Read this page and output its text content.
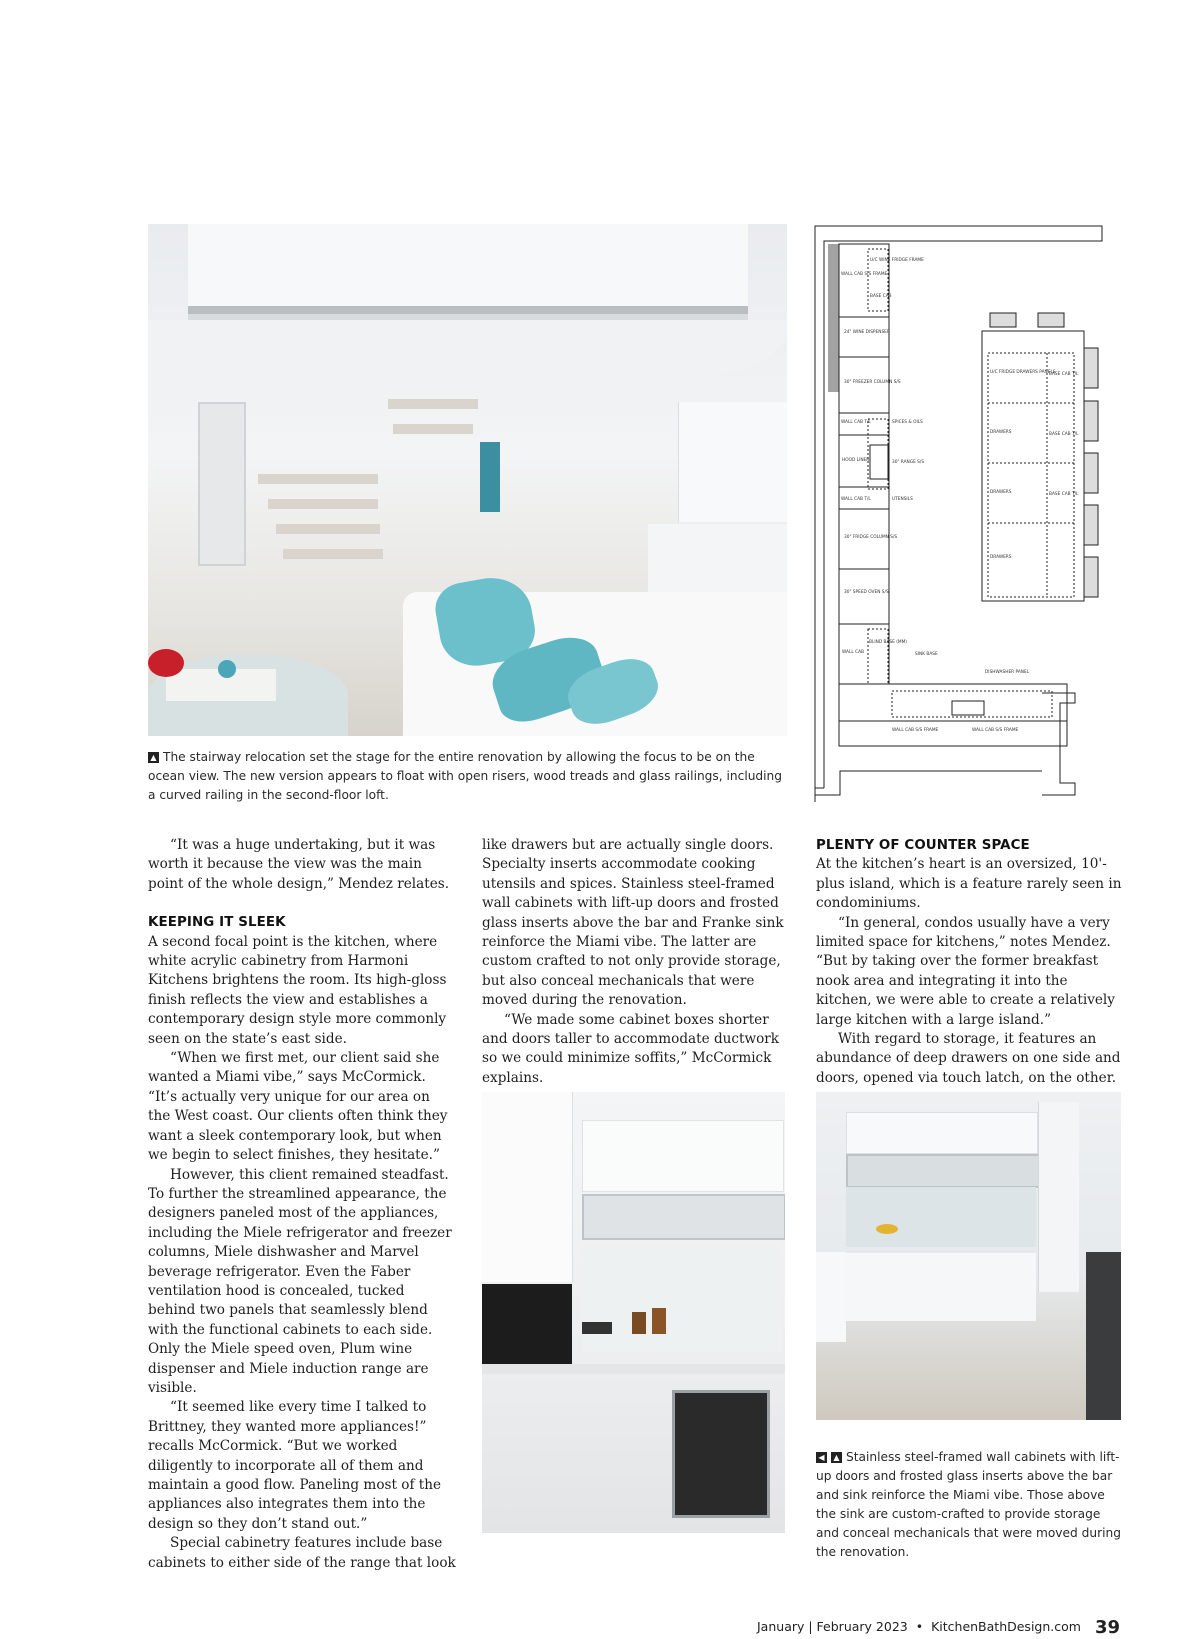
▲ The stairway relocation set the stage for the entire renovation by allowing the focus to be on the ocean view. The new version appears to float with open risers, wood treads and glass railings, including a curved railing in the second-floor loft.
U/C WINE FRIDGE FRAME
WALL CAB S/S FRAME
BASE CAB
24" WINE DISPENSER
30" FREEZER COLUMN S/S
WALL CAB T/L	SPICES & OILS
HOOD LINER	30" RANGE S/S
WALL CAB T/L	UTENSILS
30" FRIDGE COLUMN S/S
30" SPEED OVEN S/S
WALL CAB
BLIND BASE (MM)
SINK BASE
DISHWASHER PANEL
WALL CAB S/S FRAME	WALL CAB S/S FRAME
U/C FRIDGE DRAWERS PANELS
BASE CAB T/L
DRAWERS	BASE CAB T/L
DRAWERS	BASE CAB T/L
DRAWERS

“It was a huge undertaking, but it was worth it because the view was the main point of the whole design,” Mendez relates.

KEEPING IT SLEEK

A second focal point is the kitchen, where white acrylic cabinetry from Harmoni Kitchens brightens the room. Its high-gloss finish reflects the view and establishes a contemporary design style more commonly seen on the state’s east side.

“When we first met, our client said she wanted a Miami vibe,” says McCormick. “It’s actually very unique for our area on the West coast. Our clients often think they want a sleek contemporary look, but when we begin to select finishes, they hesitate.”

However, this client remained steadfast. To further the streamlined appearance, the designers paneled most of the appliances, including the Miele refrigerator and freezer columns, Miele dishwasher and Marvel beverage refrigerator. Even the Faber ventilation hood is concealed, tucked behind two panels that seamlessly blend with the functional cabinets to each side. Only the Miele speed oven, Plum wine dispenser and Miele induction range are visible.

“It seemed like every time I talked to Brittney, they wanted more appliances!” recalls McCormick. “But we worked diligently to incorporate all of them and maintain a good flow. Paneling most of the appliances also integrates them into the design so they don’t stand out.”

Special cabinetry features include base cabinets to either side of the range that look

like drawers but are actually single doors. Specialty inserts accommodate cooking utensils and spices. Stainless steel-framed wall cabinets with lift-up doors and frosted glass inserts above the bar and Franke sink reinforce the Miami vibe. The latter are custom crafted to not only provide storage, but also conceal mechanicals that were moved during the renovation.

“We made some cabinet boxes shorter and doors taller to accommodate ductwork so we could minimize soffits,” McCormick explains.

PLENTY OF COUNTER SPACE

At the kitchen’s heart is an oversized, 10'-plus island, which is a feature rarely seen in condominiums.

“In general, condos usually have a very limited space for kitchens,” notes Mendez. “But by taking over the former breakfast nook area and integrating it into the kitchen, we were able to create a relatively large kitchen with a large island.”

With regard to storage, it features an abundance of deep drawers on one side and doors, opened via touch latch, on the other.

◀ ▲ Stainless steel-framed wall cabinets with lift-up doors and frosted glass inserts above the bar and sink reinforce the Miami vibe. Those above the sink are custom-crafted to provide storage and conceal mechanicals that were moved during the renovation.
January | February 2023 • KitchenBathDesign.com 39
